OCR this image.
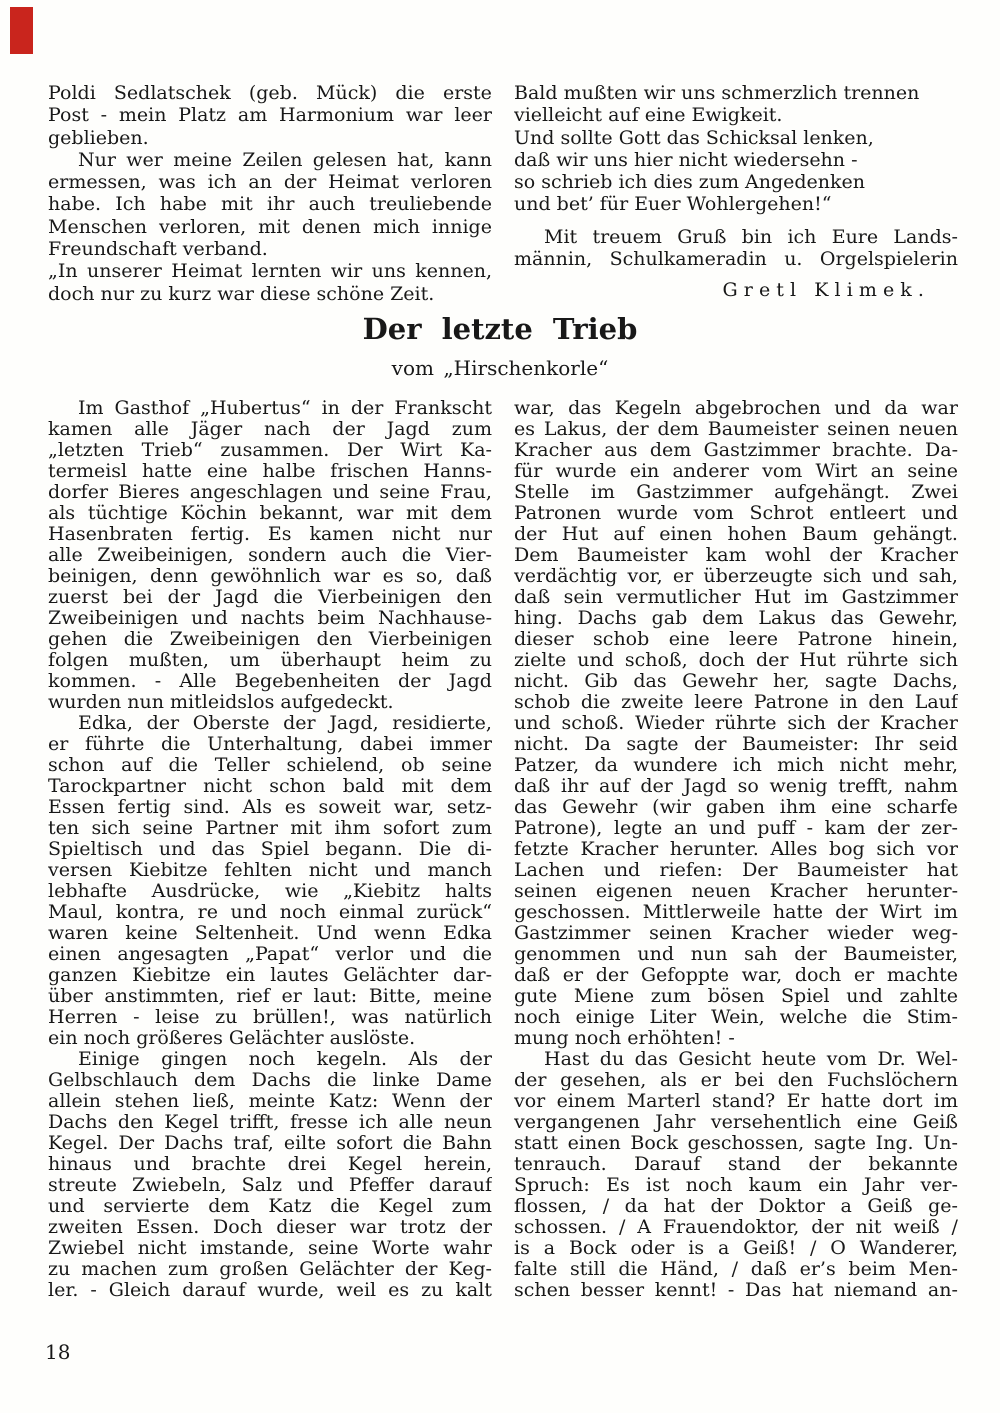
Poldi Sedlatschek (geb. Mück) die erste
Post - mein Platz am Harmonium war leer
geblieben.
Nur wer meine Zeilen gelesen hat, kann
ermessen, was ich an der Heimat verloren
habe. Ich habe mit ihr auch treuliebende
Menschen verloren, mit denen mich innige
Freundschaft verband.
„In unserer Heimat lernten wir uns kennen,
doch nur zu kurz war diese schöne Zeit.
Bald mußten wir uns schmerzlich trennen
vielleicht auf eine Ewigkeit.
Und sollte Gott das Schicksal lenken,
daß wir uns hier nicht wiedersehn -
so schrieb ich dies zum Angedenken
und bet’ für Euer Wohlergehen!“
Mit treuem Gruß bin ich Eure Lands-
männin, Schulkameradin u. Orgelspielerin
Gretl Klimek.
Der letzte Trieb
vom „Hirschenkorle“
Im Gasthof „Hubertus“ in der Frankscht
kamen alle Jäger nach der Jagd zum
„letzten Trieb“ zusammen. Der Wirt Ka-
termeisl hatte eine halbe frischen Hanns-
dorfer Bieres angeschlagen und seine Frau,
als tüchtige Köchin bekannt, war mit dem
Hasenbraten fertig. Es kamen nicht nur
alle Zweibeinigen, sondern auch die Vier-
beinigen, denn gewöhnlich war es so, daß
zuerst bei der Jagd die Vierbeinigen den
Zweibeinigen und nachts beim Nachhause-
gehen die Zweibeinigen den Vierbeinigen
folgen mußten, um überhaupt heim zu
kommen. - Alle Begebenheiten der Jagd
wurden nun mitleidslos aufgedeckt.
Edka, der Oberste der Jagd, residierte,
er führte die Unterhaltung, dabei immer
schon auf die Teller schielend, ob seine
Tarockpartner nicht schon bald mit dem
Essen fertig sind. Als es soweit war, setz-
ten sich seine Partner mit ihm sofort zum
Spieltisch und das Spiel begann. Die di-
versen Kiebitze fehlten nicht und manch
lebhafte Ausdrücke, wie „Kiebitz halts
Maul, kontra, re und noch einmal zurück“
waren keine Seltenheit. Und wenn Edka
einen angesagten „Papat“ verlor und die
ganzen Kiebitze ein lautes Gelächter dar-
über anstimmten, rief er laut: Bitte, meine
Herren - leise zu brüllen!, was natürlich
ein noch größeres Gelächter auslöste.
Einige gingen noch kegeln. Als der
Gelbschlauch dem Dachs die linke Dame
allein stehen ließ, meinte Katz: Wenn der
Dachs den Kegel trifft, fresse ich alle neun
Kegel. Der Dachs traf, eilte sofort die Bahn
hinaus und brachte drei Kegel herein,
streute Zwiebeln, Salz und Pfeffer darauf
und servierte dem Katz die Kegel zum
zweiten Essen. Doch dieser war trotz der
Zwiebel nicht imstande, seine Worte wahr
zu machen zum großen Gelächter der Keg-
ler. - Gleich darauf wurde, weil es zu kalt
war, das Kegeln abgebrochen und da war
es Lakus, der dem Baumeister seinen neuen
Kracher aus dem Gastzimmer brachte. Da-
für wurde ein anderer vom Wirt an seine
Stelle im Gastzimmer aufgehängt. Zwei
Patronen wurde vom Schrot entleert und
der Hut auf einen hohen Baum gehängt.
Dem Baumeister kam wohl der Kracher
verdächtig vor, er überzeugte sich und sah,
daß sein vermutlicher Hut im Gastzimmer
hing. Dachs gab dem Lakus das Gewehr,
dieser schob eine leere Patrone hinein,
zielte und schoß, doch der Hut rührte sich
nicht. Gib das Gewehr her, sagte Dachs,
schob die zweite leere Patrone in den Lauf
und schoß. Wieder rührte sich der Kracher
nicht. Da sagte der Baumeister: Ihr seid
Patzer, da wundere ich mich nicht mehr,
daß ihr auf der Jagd so wenig trefft, nahm
das Gewehr (wir gaben ihm eine scharfe
Patrone), legte an und puff - kam der zer-
fetzte Kracher herunter. Alles bog sich vor
Lachen und riefen: Der Baumeister hat
seinen eigenen neuen Kracher herunter-
geschossen. Mittlerweile hatte der Wirt im
Gastzimmer seinen Kracher wieder weg-
genommen und nun sah der Baumeister,
daß er der Gefoppte war, doch er machte
gute Miene zum bösen Spiel und zahlte
noch einige Liter Wein, welche die Stim-
mung noch erhöhten! -
Hast du das Gesicht heute vom Dr. Wel-
der gesehen, als er bei den Fuchslöchern
vor einem Marterl stand? Er hatte dort im
vergangenen Jahr versehentlich eine Geiß
statt einen Bock geschossen, sagte Ing. Un-
tenrauch. Darauf stand der bekannte
Spruch: Es ist noch kaum ein Jahr ver-
flossen, / da hat der Doktor a Geiß ge-
schossen. / A Frauendoktor, der nit weiß /
is a Bock oder is a Geiß! / O Wanderer,
falte still die Händ, / daß er’s beim Men-
schen besser kennt! - Das hat niemand an-
18
